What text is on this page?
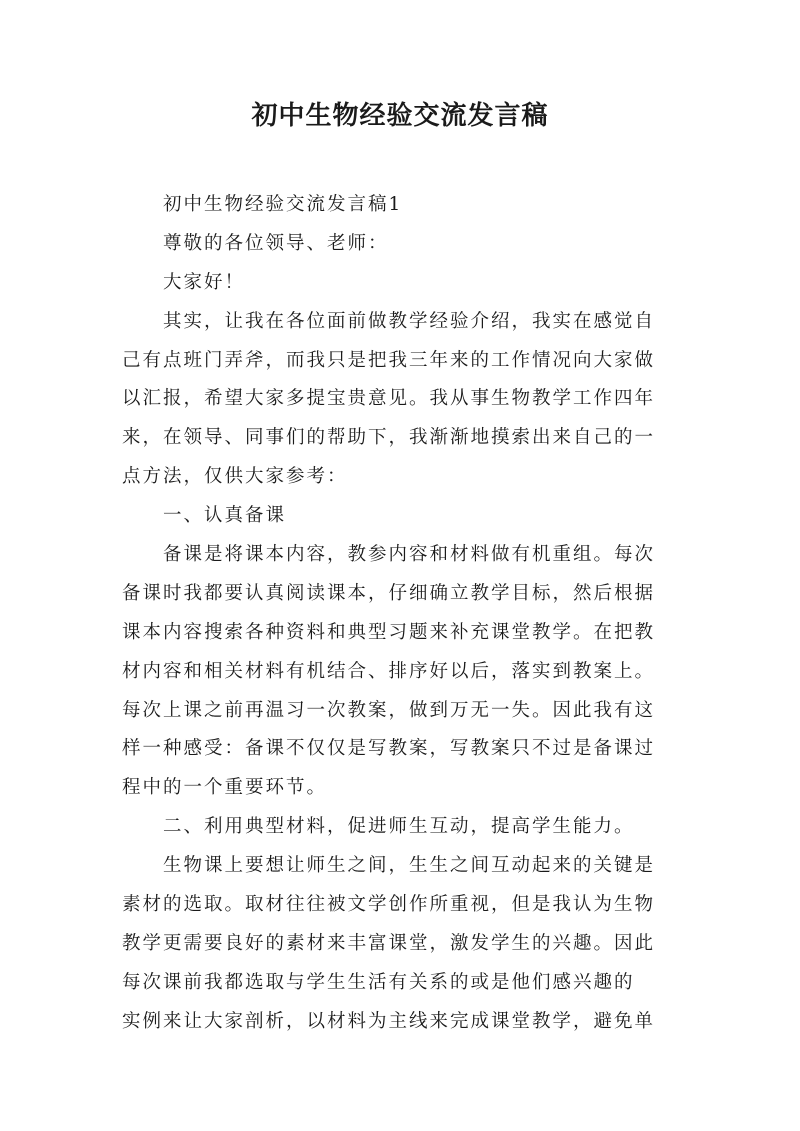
初中生物经验交流发言稿
初中生物经验交流发言稿1
尊敬的各位领导、老师：
大家好！
其实，让我在各位面前做教学经验介绍，我实在感觉自
己有点班门弄斧，而我只是把我三年来的工作情况向大家做
以汇报，希望大家多提宝贵意见。我从事生物教学工作四年
来，在领导、同事们的帮助下，我渐渐地摸索出来自己的一
点方法，仅供大家参考：
一、认真备课
备课是将课本内容，教参内容和材料做有机重组。每次
备课时我都要认真阅读课本，仔细确立教学目标，然后根据
课本内容搜索各种资料和典型习题来补充课堂教学。在把教
材内容和相关材料有机结合、排序好以后，落实到教案上。
每次上课之前再温习一次教案，做到万无一失。因此我有这
样一种感受：备课不仅仅是写教案，写教案只不过是备课过
程中的一个重要环节。
二、利用典型材料，促进师生互动，提高学生能力。
生物课上要想让师生之间，生生之间互动起来的关键是
素材的选取。取材往往被文学创作所重视，但是我认为生物
教学更需要良好的素材来丰富课堂，激发学生的兴趣。因此
每次课前我都选取与学生生活有关系的或是他们感兴趣的
实例来让大家剖析，以材料为主线来完成课堂教学，避免单
